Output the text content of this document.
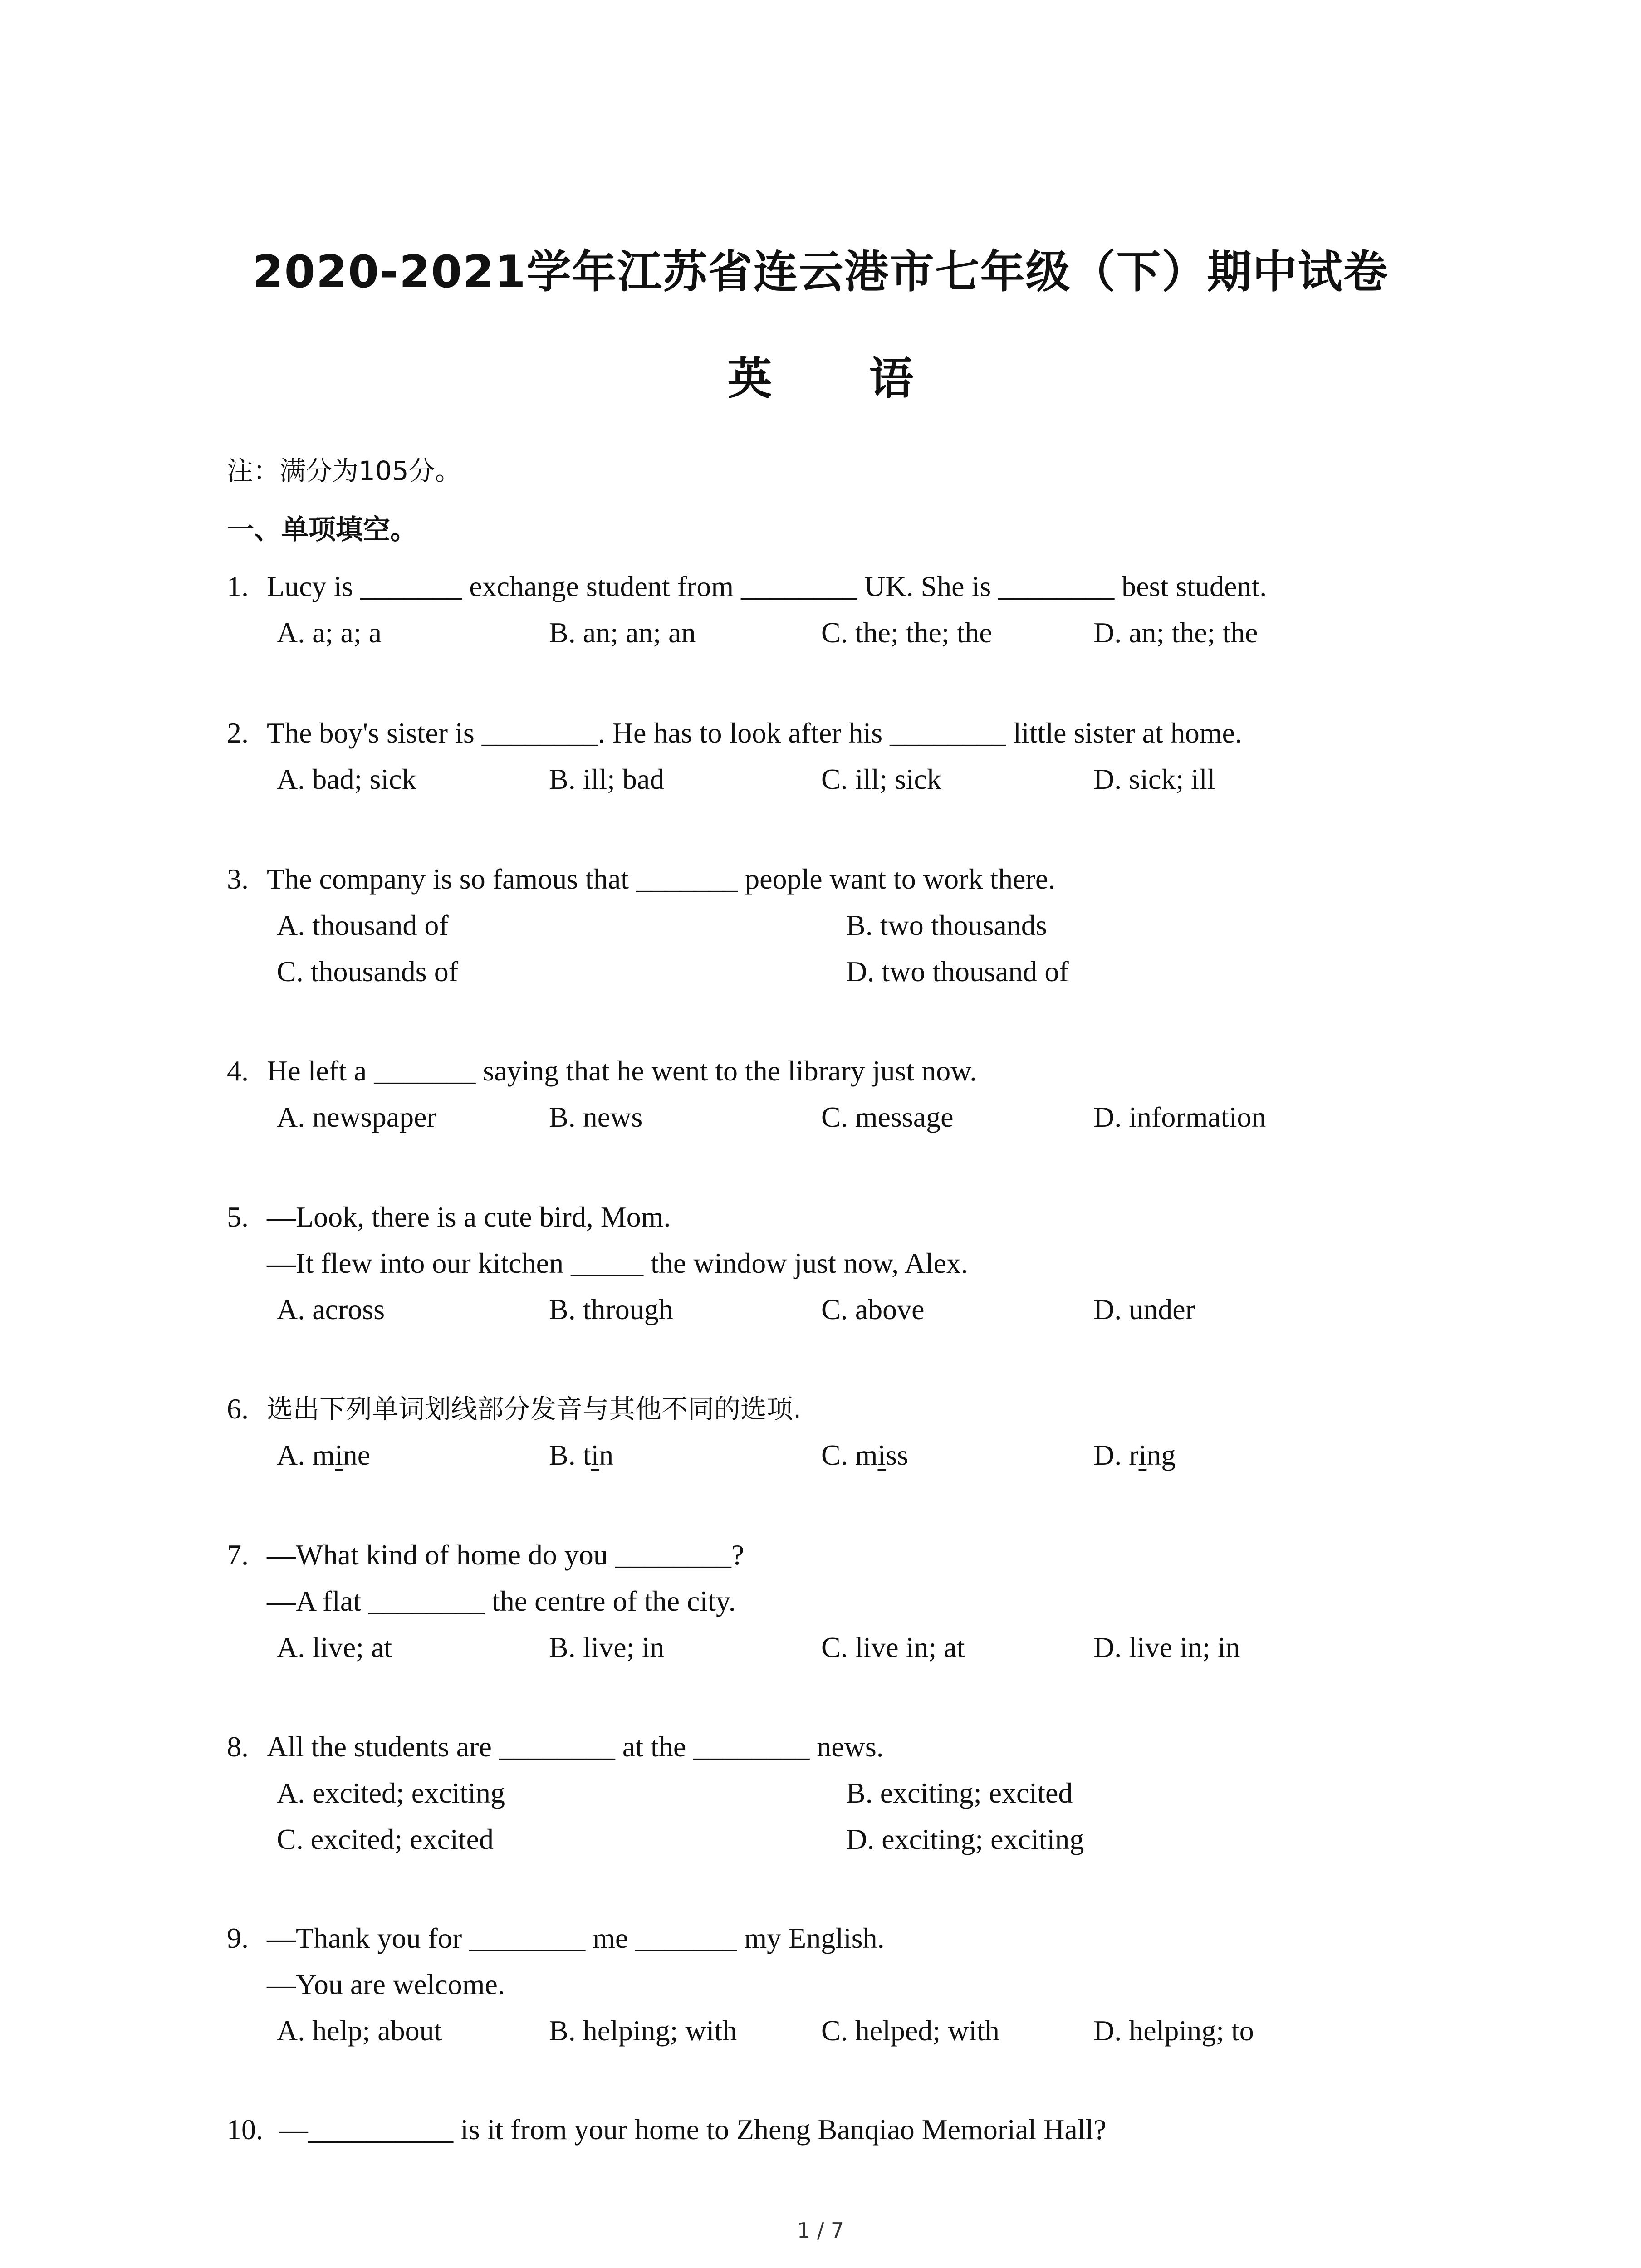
2020-2021学年江苏省连云港市七年级（下）期中试卷
英 语
注：满分为105分。
一、单项填空。
1. Lucy is _______ exchange student from ________ UK. She is ________ best student.
A. a; a; a	B. an; an; an	C. the; the; the	D. an; the; the
2. The boy's sister is ________. He has to look after his ________ little sister at home.
A. bad; sick	B. ill; bad	C. ill; sick	D. sick; ill
3. The company is so famous that _______ people want to work there.
A. thousand of	B. two thousands
C. thousands of	D. two thousand of
4. He left a _______ saying that he went to the library just now.
A. newspaper	B. news	C. message	D. information
5. —Look, there is a cute bird, Mom.
—It flew into our kitchen _____ the window just now, Alex.
A. across	B. through	C. above	D. under
6. 选出下列单词划线部分发音与其他不同的选项.
A. mine	B. tin	C. miss	D. ring
7. —What kind of home do you ________?
—A flat ________ the centre of the city.
A. live; at	B. live; in	C. live in; at	D. live in; in
8. All the students are ________ at the ________ news.
A. excited; exciting	B. exciting; excited
C. excited; excited	D. exciting; exciting
9. —Thank you for ________ me _______ my English.
—You are welcome.
A. help; about	B. helping; with	C. helped; with	D. helping; to
10. —__________ is it from your home to Zheng Banqiao Memorial Hall?
1 / 7
